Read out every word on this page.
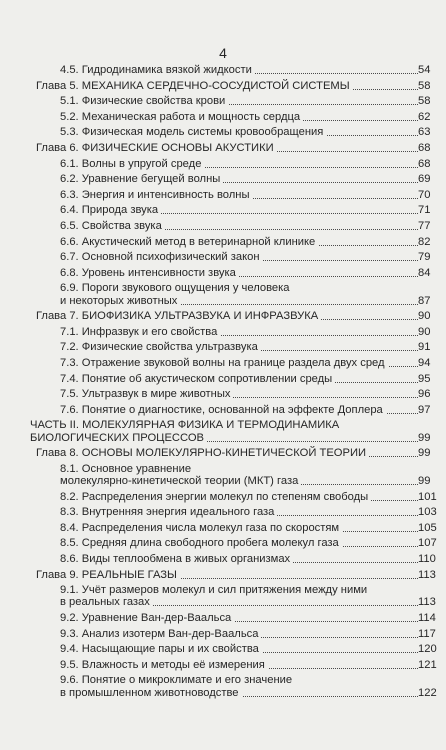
4
4.5. Гидродинамика вязкой жидкости	54
Глава 5. МЕХАНИКА СЕРДЕЧНО-СОСУДИСТОЙ СИСТЕМЫ	58
5.1. Физические свойства крови	58
5.2. Механическая работа и мощность сердца	62
5.3. Физическая модель системы кровообращения	63
Глава 6. ФИЗИЧЕСКИЕ ОСНОВЫ АКУСТИКИ	68
6.1. Волны в упругой среде	68
6.2. Уравнение бегущей волны	69
6.3. Энергия и интенсивность волны	70
6.4. Природа звука	71
6.5. Свойства звука	77
6.6. Акустический метод в ветеринарной клинике	82
6.7. Основной психофизический закон	79
6.8. Уровень интенсивности звука	84
6.9. Пороги звукового ощущения у человека
и некоторых животных	87
Глава 7. БИОФИЗИКА УЛЬТРАЗВУКА И ИНФРАЗВУКА	90
7.1. Инфразвук и его свойства	90
7.2. Физические свойства ультразвука	91
7.3. Отражение звуковой волны на границе раздела двух сред	94
7.4. Понятие об акустическом сопротивлении среды	95
7.5. Ультразвук в мире животных	96
7.6. Понятие о диагностике, основанной на эффекте Доплера	97
ЧАСТЬ II. МОЛЕКУЛЯРНАЯ ФИЗИКА И ТЕРМОДИНАМИКА
БИОЛОГИЧЕСКИХ ПРОЦЕССОВ	99
Глава 8. ОСНОВЫ МОЛЕКУЛЯРНО-КИНЕТИЧЕСКОЙ ТЕОРИИ	99
8.1. Основное уравнение
молекулярно-кинетической теории (МКТ) газа	99
8.2. Распределения энергии молекул по степеням свободы	101
8.3. Внутренняя энергия идеального газа	103
8.4. Распределения числа молекул газа по скоростям	105
8.5. Средняя длина свободного пробега молекул газа	107
8.6. Виды теплообмена в живых организмах	110
Глава 9. РЕАЛЬНЫЕ ГАЗЫ	113
9.1. Учёт размеров молекул и сил притяжения между ними
в реальных газах	113
9.2. Уравнение Ван-дер-Ваальса	114
9.3. Анализ изотерм Ван-дер-Ваальса	117
9.4. Насыщающие пары и их свойства	120
9.5. Влажность и методы её измерения	121
9.6. Понятие о микроклимате и его значение
в промышленном животноводстве	122
